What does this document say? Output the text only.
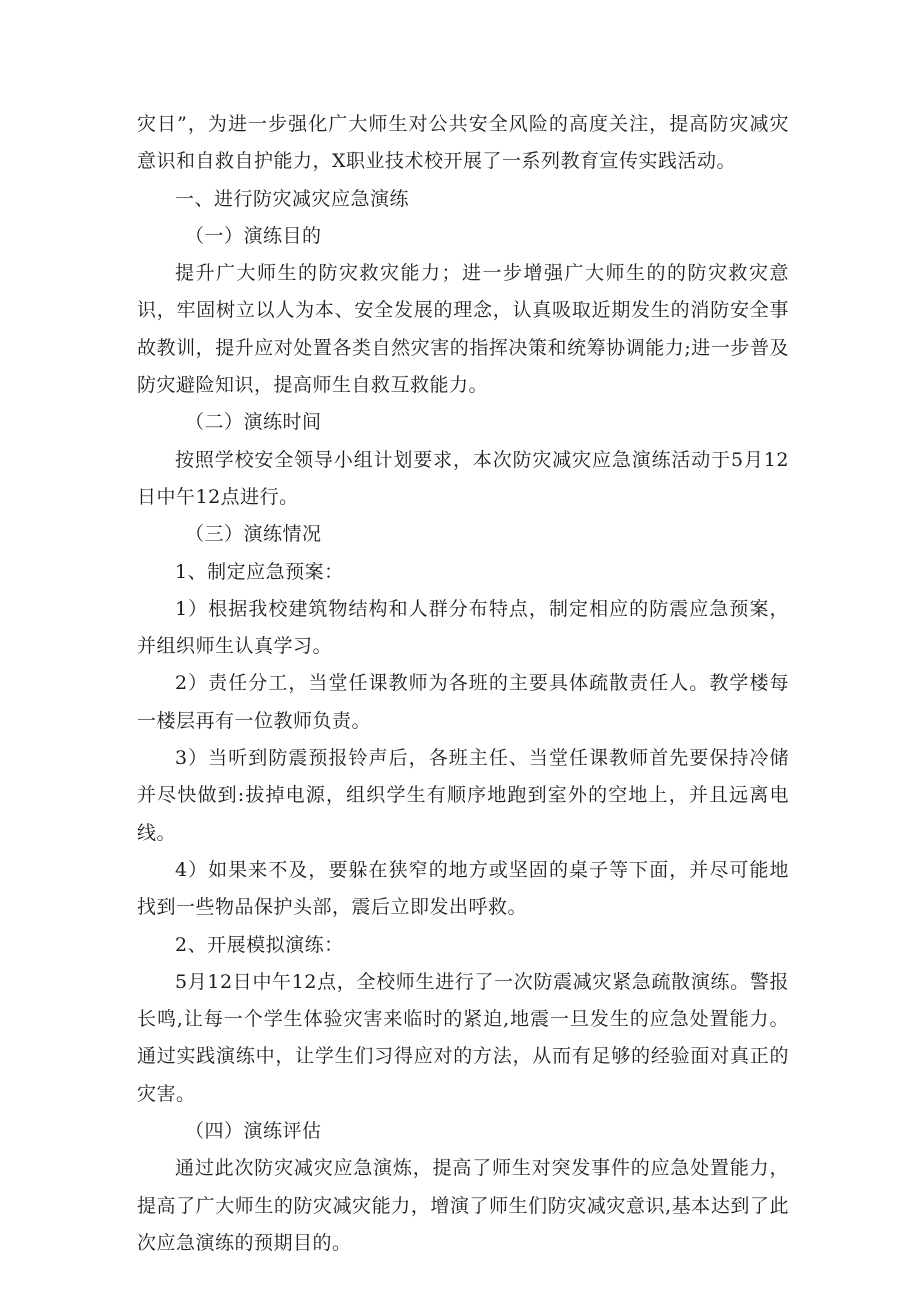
灾日”，为进一步强化广大师生对公共安全风险的高度关注，提高防灾减灾意识和自救自护能力，X职业技术校开展了一系列教育宣传实践活动。

一、进行防灾减灾应急演练

（一）演练目的

提升广大师生的防灾救灾能力；进一步增强广大师生的的防灾救灾意识，牢固树立以人为本、安全发展的理念，认真吸取近期发生的消防安全事故教训，提升应对处置各类自然灾害的指挥决策和统筹协调能力;进一步普及防灾避险知识，提高师生自救互救能力。

（二）演练时间

按照学校安全领导小组计划要求，本次防灾减灾应急演练活动于5月12日中午12点进行。

（三）演练情况

1、制定应急预案：

1）根据我校建筑物结构和人群分布特点，制定相应的防震应急预案，并组织师生认真学习。

2）责任分工，当堂任课教师为各班的主要具体疏散责任人。教学楼每一楼层再有一位教师负责。

3）当听到防震预报铃声后，各班主任、当堂任课教师首先要保持冷储并尽快做到:拔掉电源，组织学生有顺序地跑到室外的空地上，并且远离电线。

4）如果来不及，要躲在狭窄的地方或坚固的桌子等下面，并尽可能地找到一些物品保护头部，震后立即发出呼救。

2、开展模拟演练：

5月12日中午12点，全校师生进行了一次防震减灾紧急疏散演练。警报长鸣,让每一个学生体验灾害来临时的紧迫,地震一旦发生的应急处置能力。通过实践演练中，让学生们习得应对的方法，从而有足够的经验面对真正的灾害。

（四）演练评估

通过此次防灾减灾应急演炼，提高了师生对突发事件的应急处置能力，提高了广大师生的防灾减灾能力，增演了师生们防灾减灾意识,基本达到了此次应急演练的预期目的。
